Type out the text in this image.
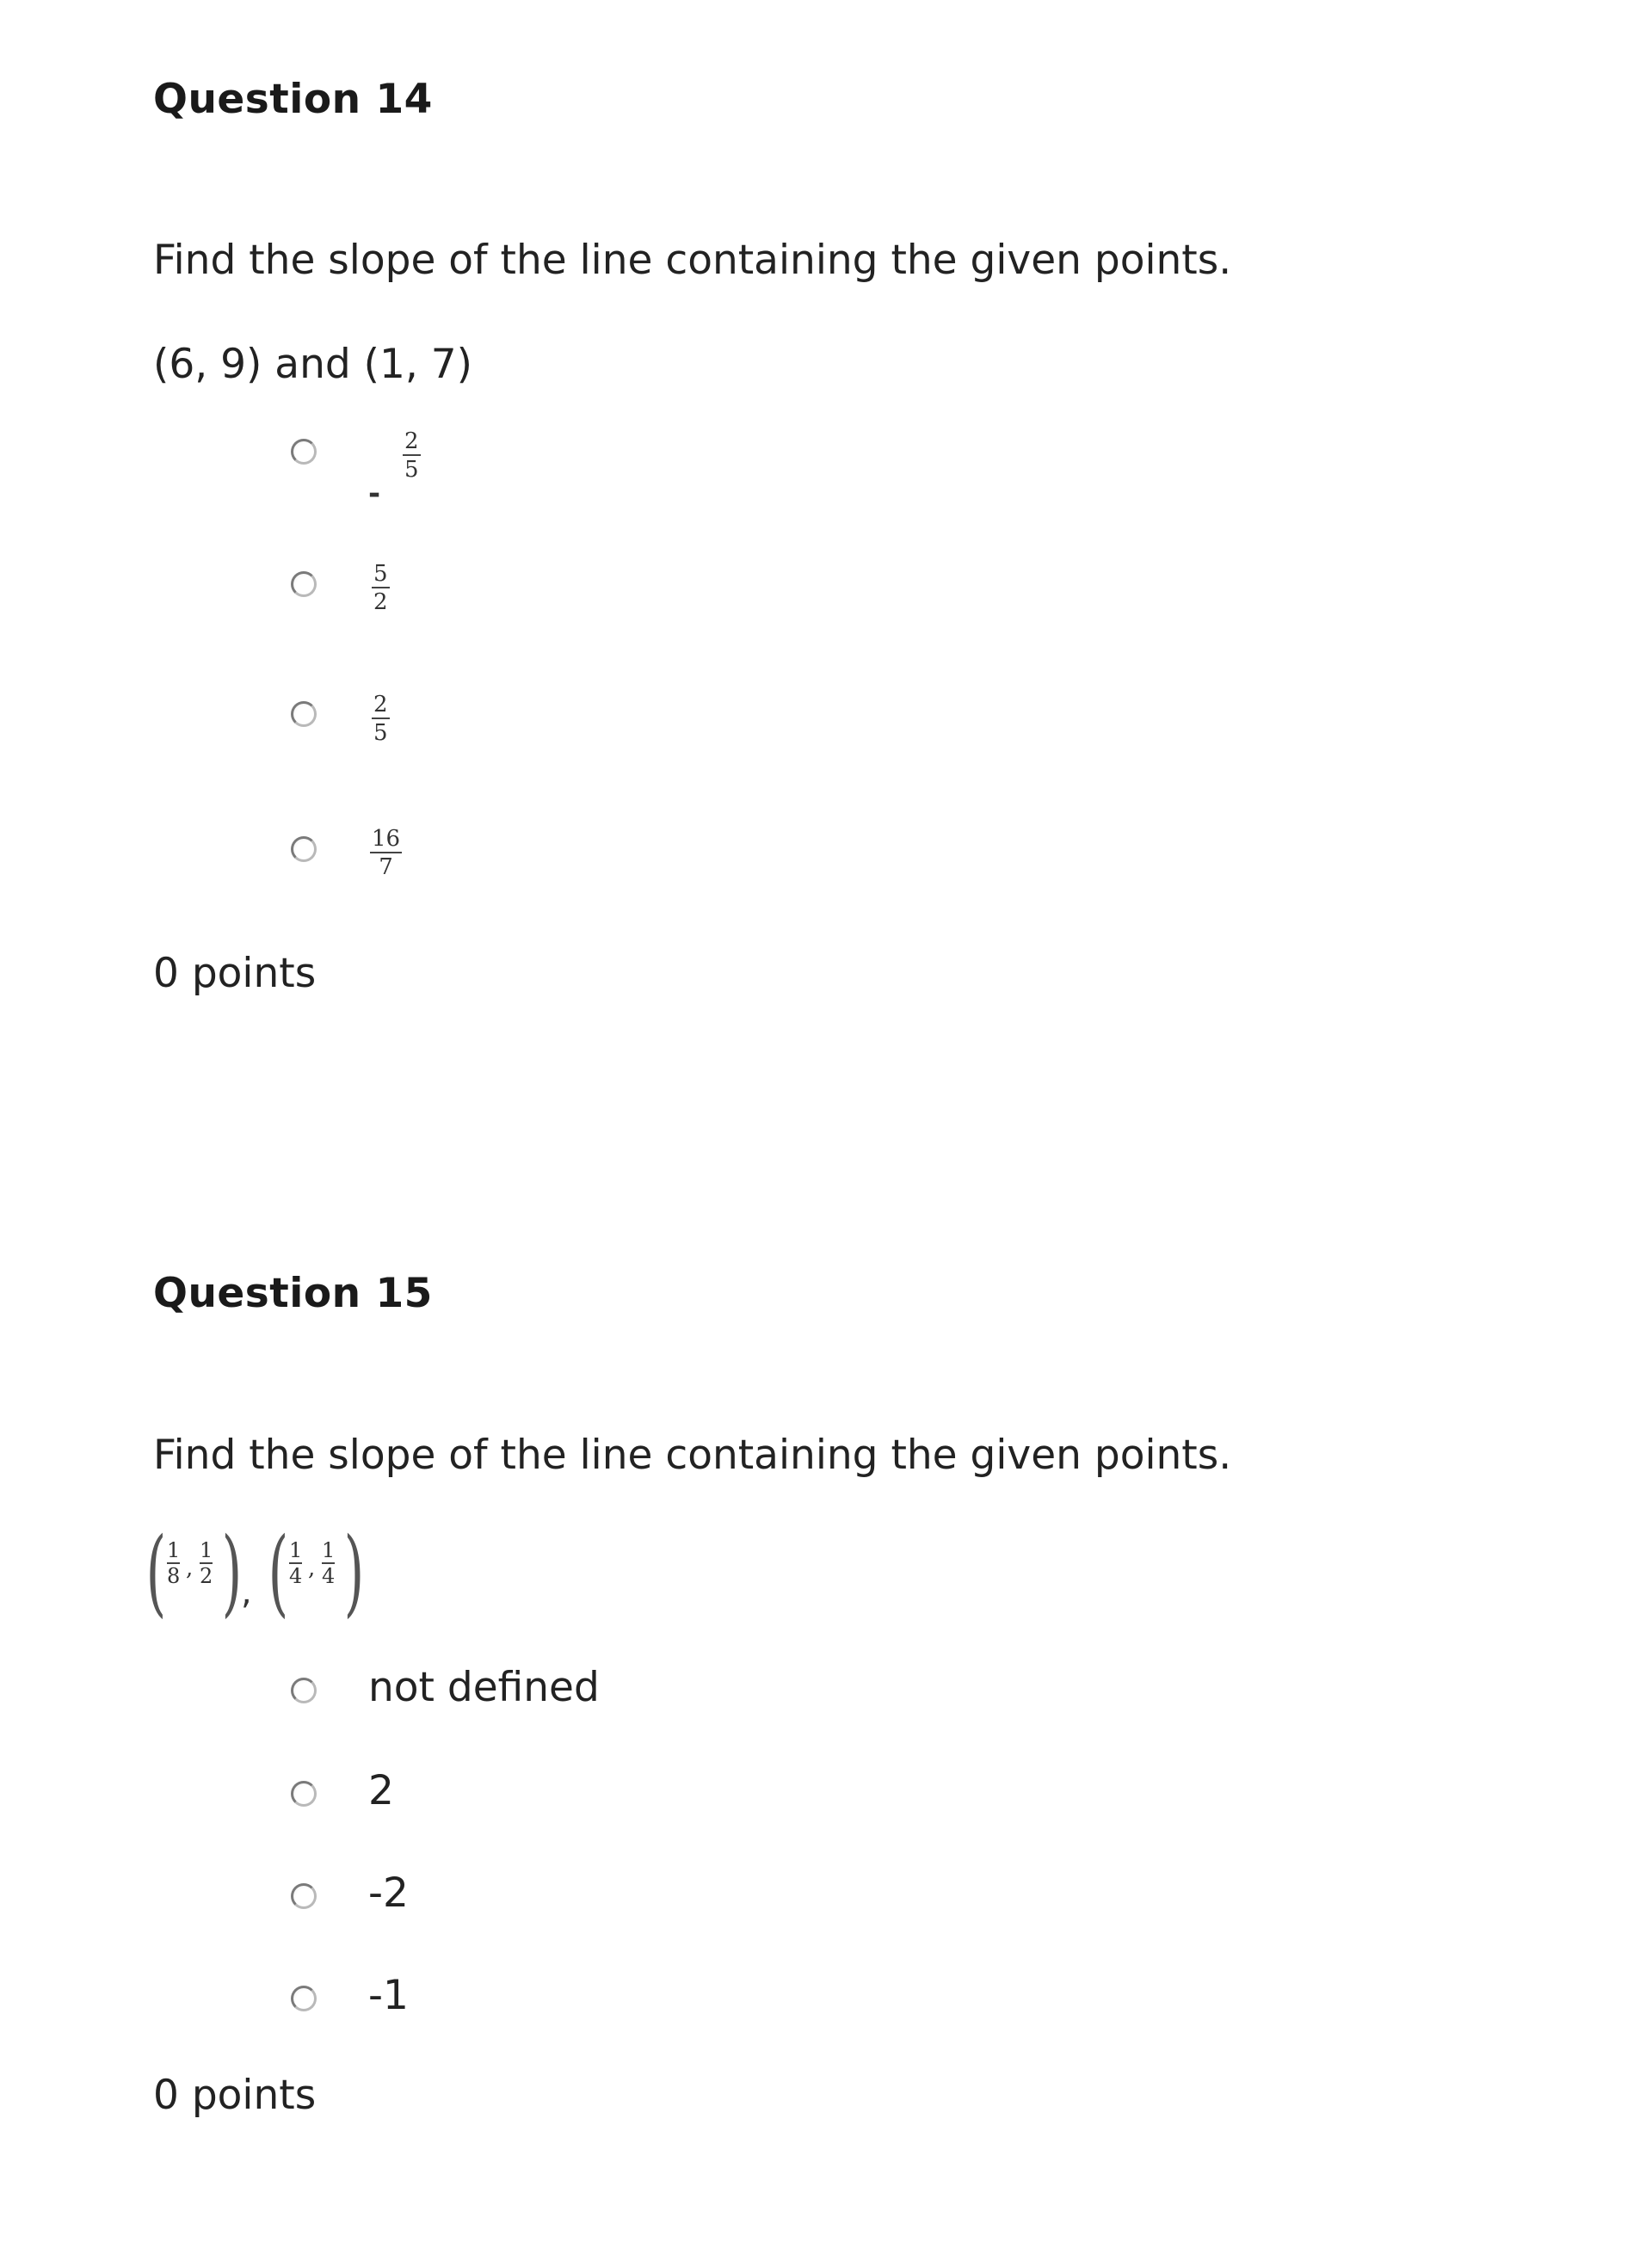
Question 14
Find the slope of the line containing the given points.
(6, 9) and (1, 7)
-
2
5
5
2
2
5
16
7
0 points
Question 15
Find the slope of the line containing the given points.
( 1
8 ,
1
2 )
, ( 1
4 ,
1
4 )
not defined
2
-2
-1
0 points
